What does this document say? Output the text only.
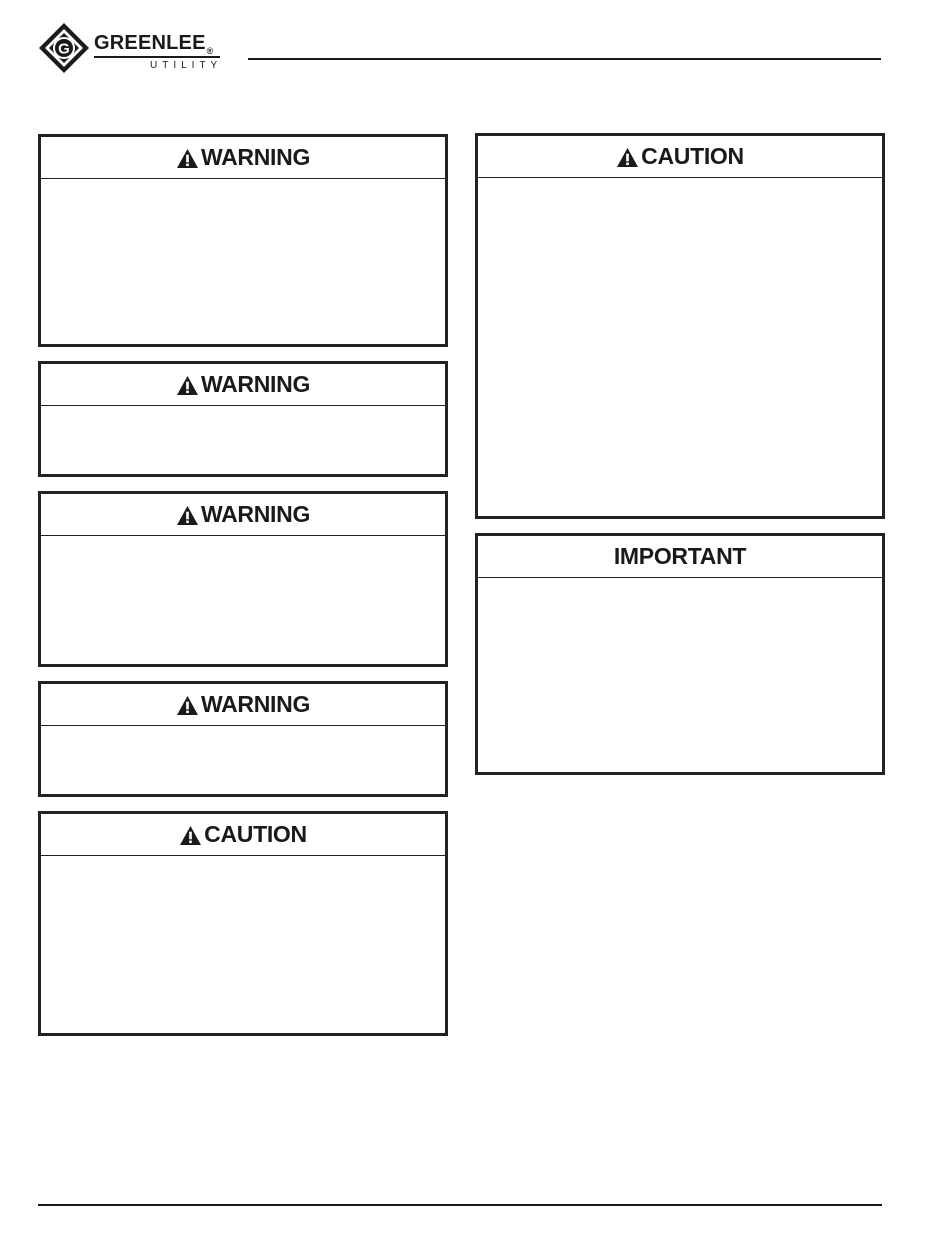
G GREENLEE®
UTILITY
WARNING
WARNING
WARNING
WARNING
CAUTION
CAUTION
IMPORTANT
